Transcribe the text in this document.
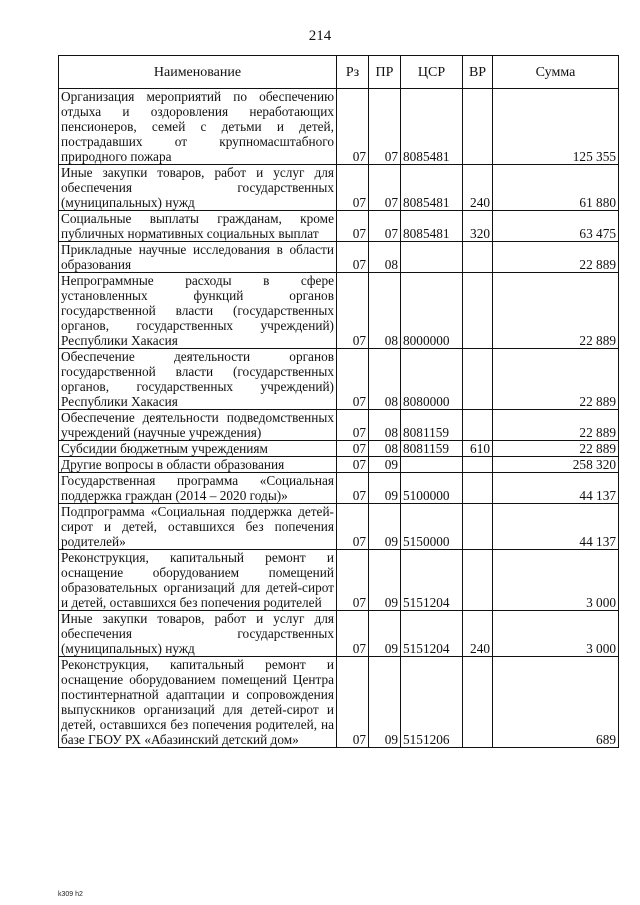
214
Наименование	Рз	ПР	ЦСР	ВР	Сумма
Организация мероприятий по обеспечению отдыха и оздоровления неработающих пенсионеров, семей с детьми и детей, пострадавших от крупномасштабного природного пожара	07	07	8085481		125 355
Иные закупки товаров, работ и услуг для обеспечения государственных (муниципальных) нужд	07	07	8085481	240	61 880
Социальные выплаты гражданам, кроме публичных нормативных социальных выплат	07	07	8085481	320	63 475
Прикладные научные исследования в области образования	07	08			22 889
Непрограммные расходы в сфере установленных функций органов государственной власти (государственных органов, государственных учреждений) Республики Хакасия	07	08	8000000		22 889
Обеспечение деятельности органов государственной власти (государственных органов, государственных учреждений) Республики Хакасия	07	08	8080000		22 889
Обеспечение деятельности подведомственных учреждений (научные учреждения)	07	08	8081159		22 889
Субсидии бюджетным учреждениям	07	08	8081159	610	22 889
Другие вопросы в области образования	07	09			258 320
Государственная программа «Социальная поддержка граждан (2014 – 2020 годы)»	07	09	5100000		44 137
Подпрограмма «Социальная поддержка детей-сирот и детей, оставшихся без попечения родителей»	07	09	5150000		44 137
Реконструкция, капитальный ремонт и оснащение оборудованием помещений образовательных организаций для детей-сирот и детей, оставшихся без попечения родителей	07	09	5151204		3 000
Иные закупки товаров, работ и услуг для обеспечения государственных (муниципальных) нужд	07	09	5151204	240	3 000
Реконструкция, капитальный ремонт и оснащение оборудованием помещений Центра постинтернатной адаптации и сопровождения выпускников организаций для детей-сирот и детей, оставшихся без попечения родителей, на базе ГБОУ РХ «Абазинский детский дом»	07	09	5151206		689
k309 h2
